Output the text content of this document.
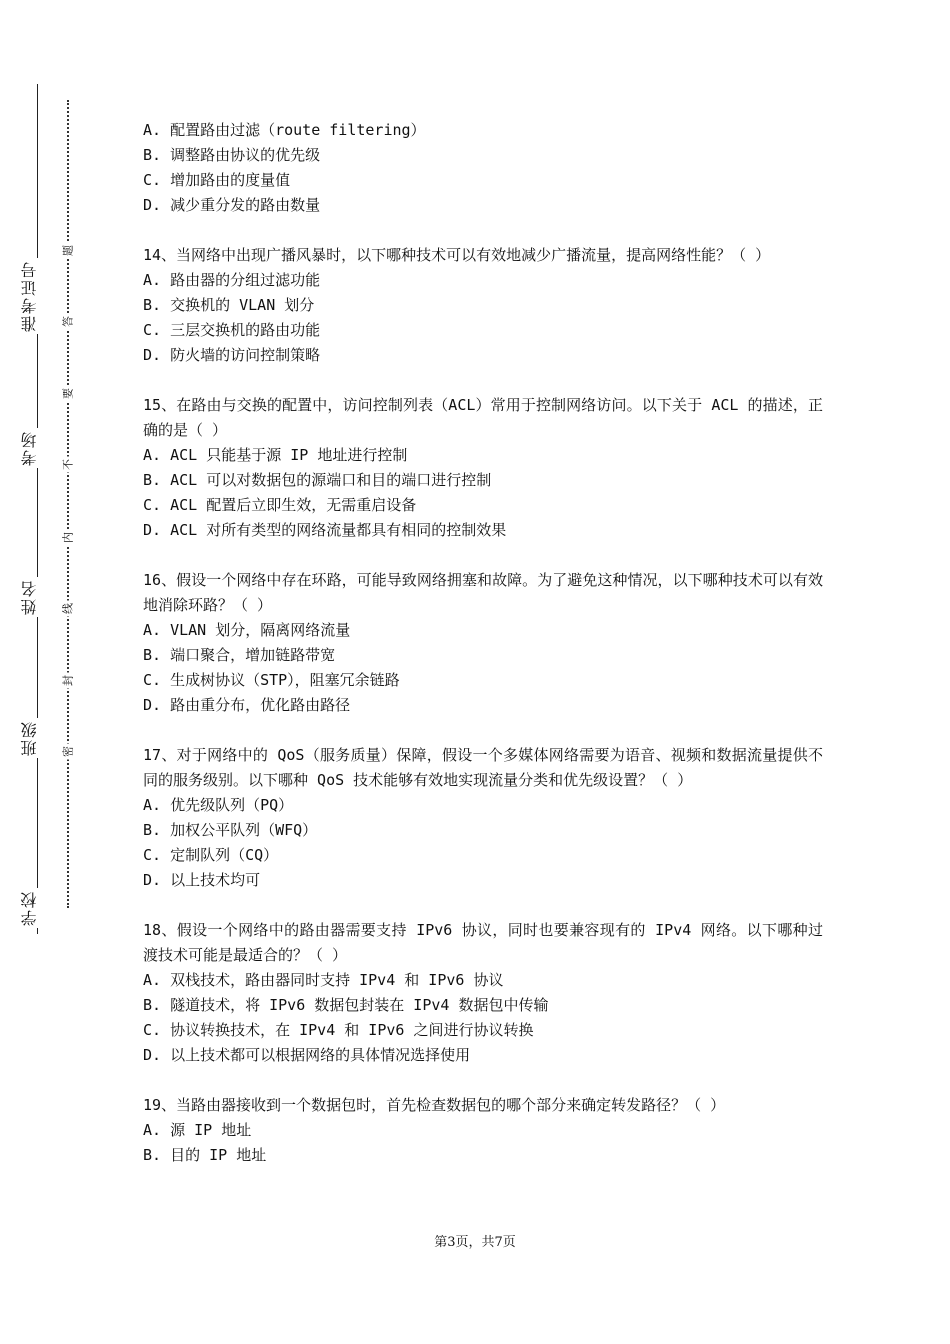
准考证号
考场
姓名
班级
学校
题
答
要
不
内
线
封
密

A. 配置路由过滤（route filtering）

B. 调整路由协议的优先级

C. 增加路由的度量值

D. 减少重分发的路由数量

14、当网络中出现广播风暴时，以下哪种技术可以有效地减少广播流量，提高网络性能？（ ）

A. 路由器的分组过滤功能

B. 交换机的 VLAN 划分

C. 三层交换机的路由功能

D. 防火墙的访问控制策略

15、在路由与交换的配置中，访问控制列表（ACL）常用于控制网络访问。以下关于 ACL 的描述，正确的是（ ）

A. ACL 只能基于源 IP 地址进行控制

B. ACL 可以对数据包的源端口和目的端口进行控制

C. ACL 配置后立即生效，无需重启设备

D. ACL 对所有类型的网络流量都具有相同的控制效果

16、假设一个网络中存在环路，可能导致网络拥塞和故障。为了避免这种情况，以下哪种技术可以有效地消除环路？（ ）

A. VLAN 划分，隔离网络流量

B. 端口聚合，增加链路带宽

C. 生成树协议（STP），阻塞冗余链路

D. 路由重分布，优化路由路径

17、对于网络中的 QoS（服务质量）保障，假设一个多媒体网络需要为语音、视频和数据流量提供不同的服务级别。以下哪种 QoS 技术能够有效地实现流量分类和优先级设置？（ ）

A. 优先级队列（PQ）

B. 加权公平队列（WFQ）

C. 定制队列（CQ）

D. 以上技术均可

18、假设一个网络中的路由器需要支持 IPv6 协议，同时也要兼容现有的 IPv4 网络。以下哪种过渡技术可能是最适合的？（ ）

A. 双栈技术，路由器同时支持 IPv4 和 IPv6 协议

B. 隧道技术，将 IPv6 数据包封装在 IPv4 数据包中传输

C. 协议转换技术，在 IPv4 和 IPv6 之间进行协议转换

D. 以上技术都可以根据网络的具体情况选择使用

19、当路由器接收到一个数据包时，首先检查数据包的哪个部分来确定转发路径？（ ）

A. 源 IP 地址

B. 目的 IP 地址

第3页，共7页
